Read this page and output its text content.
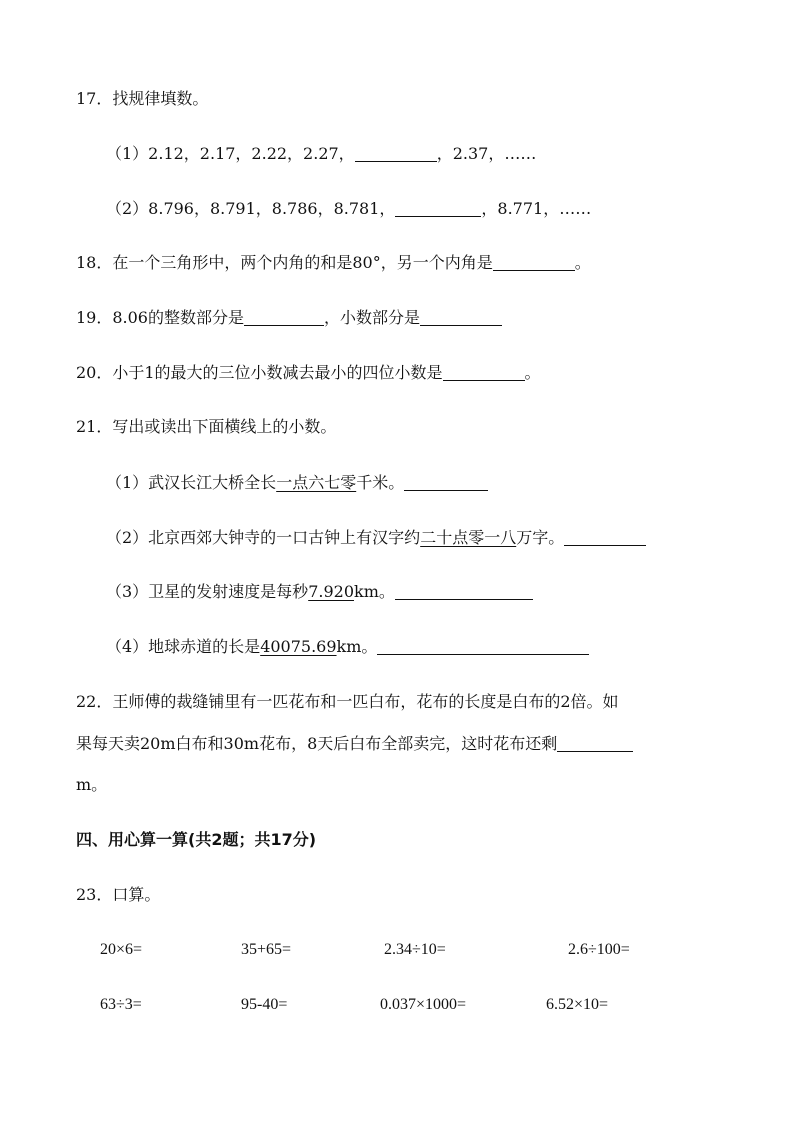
17．找规律填数。
（1）2.12，2.17，2.22，2.27，	，2.37，……
（2）8.796，8.791，8.786，8.781，	，8.771，……
18．在一个三角形中，两个内角的和是80°，另一个内角是	。
19．8.06的整数部分是	，小数部分是
20．小于1的最大的三位小数减去最小的四位小数是	。
21．写出或读出下面横线上的小数。
（1）武汉长江大桥全长一点六七零千米。
（2）北京西郊大钟寺的一口古钟上有汉字约二十点零一八万字。
（3）卫星的发射速度是每秒7.920km。
（4）地球赤道的长是40075.69km。
22．王师傅的裁缝铺里有一匹花布和一匹白布，花布的长度是白布的2倍。如
果每天卖20m白布和30m花布，8天后白布全部卖完，这时花布还剩
m。
四、用心算一算(共2题；共17分)
23．口算。
20×6=	35+65=	2.34÷10=	2.6÷100=
63÷3=	95-40=	0.037×1000=	6.52×10=
